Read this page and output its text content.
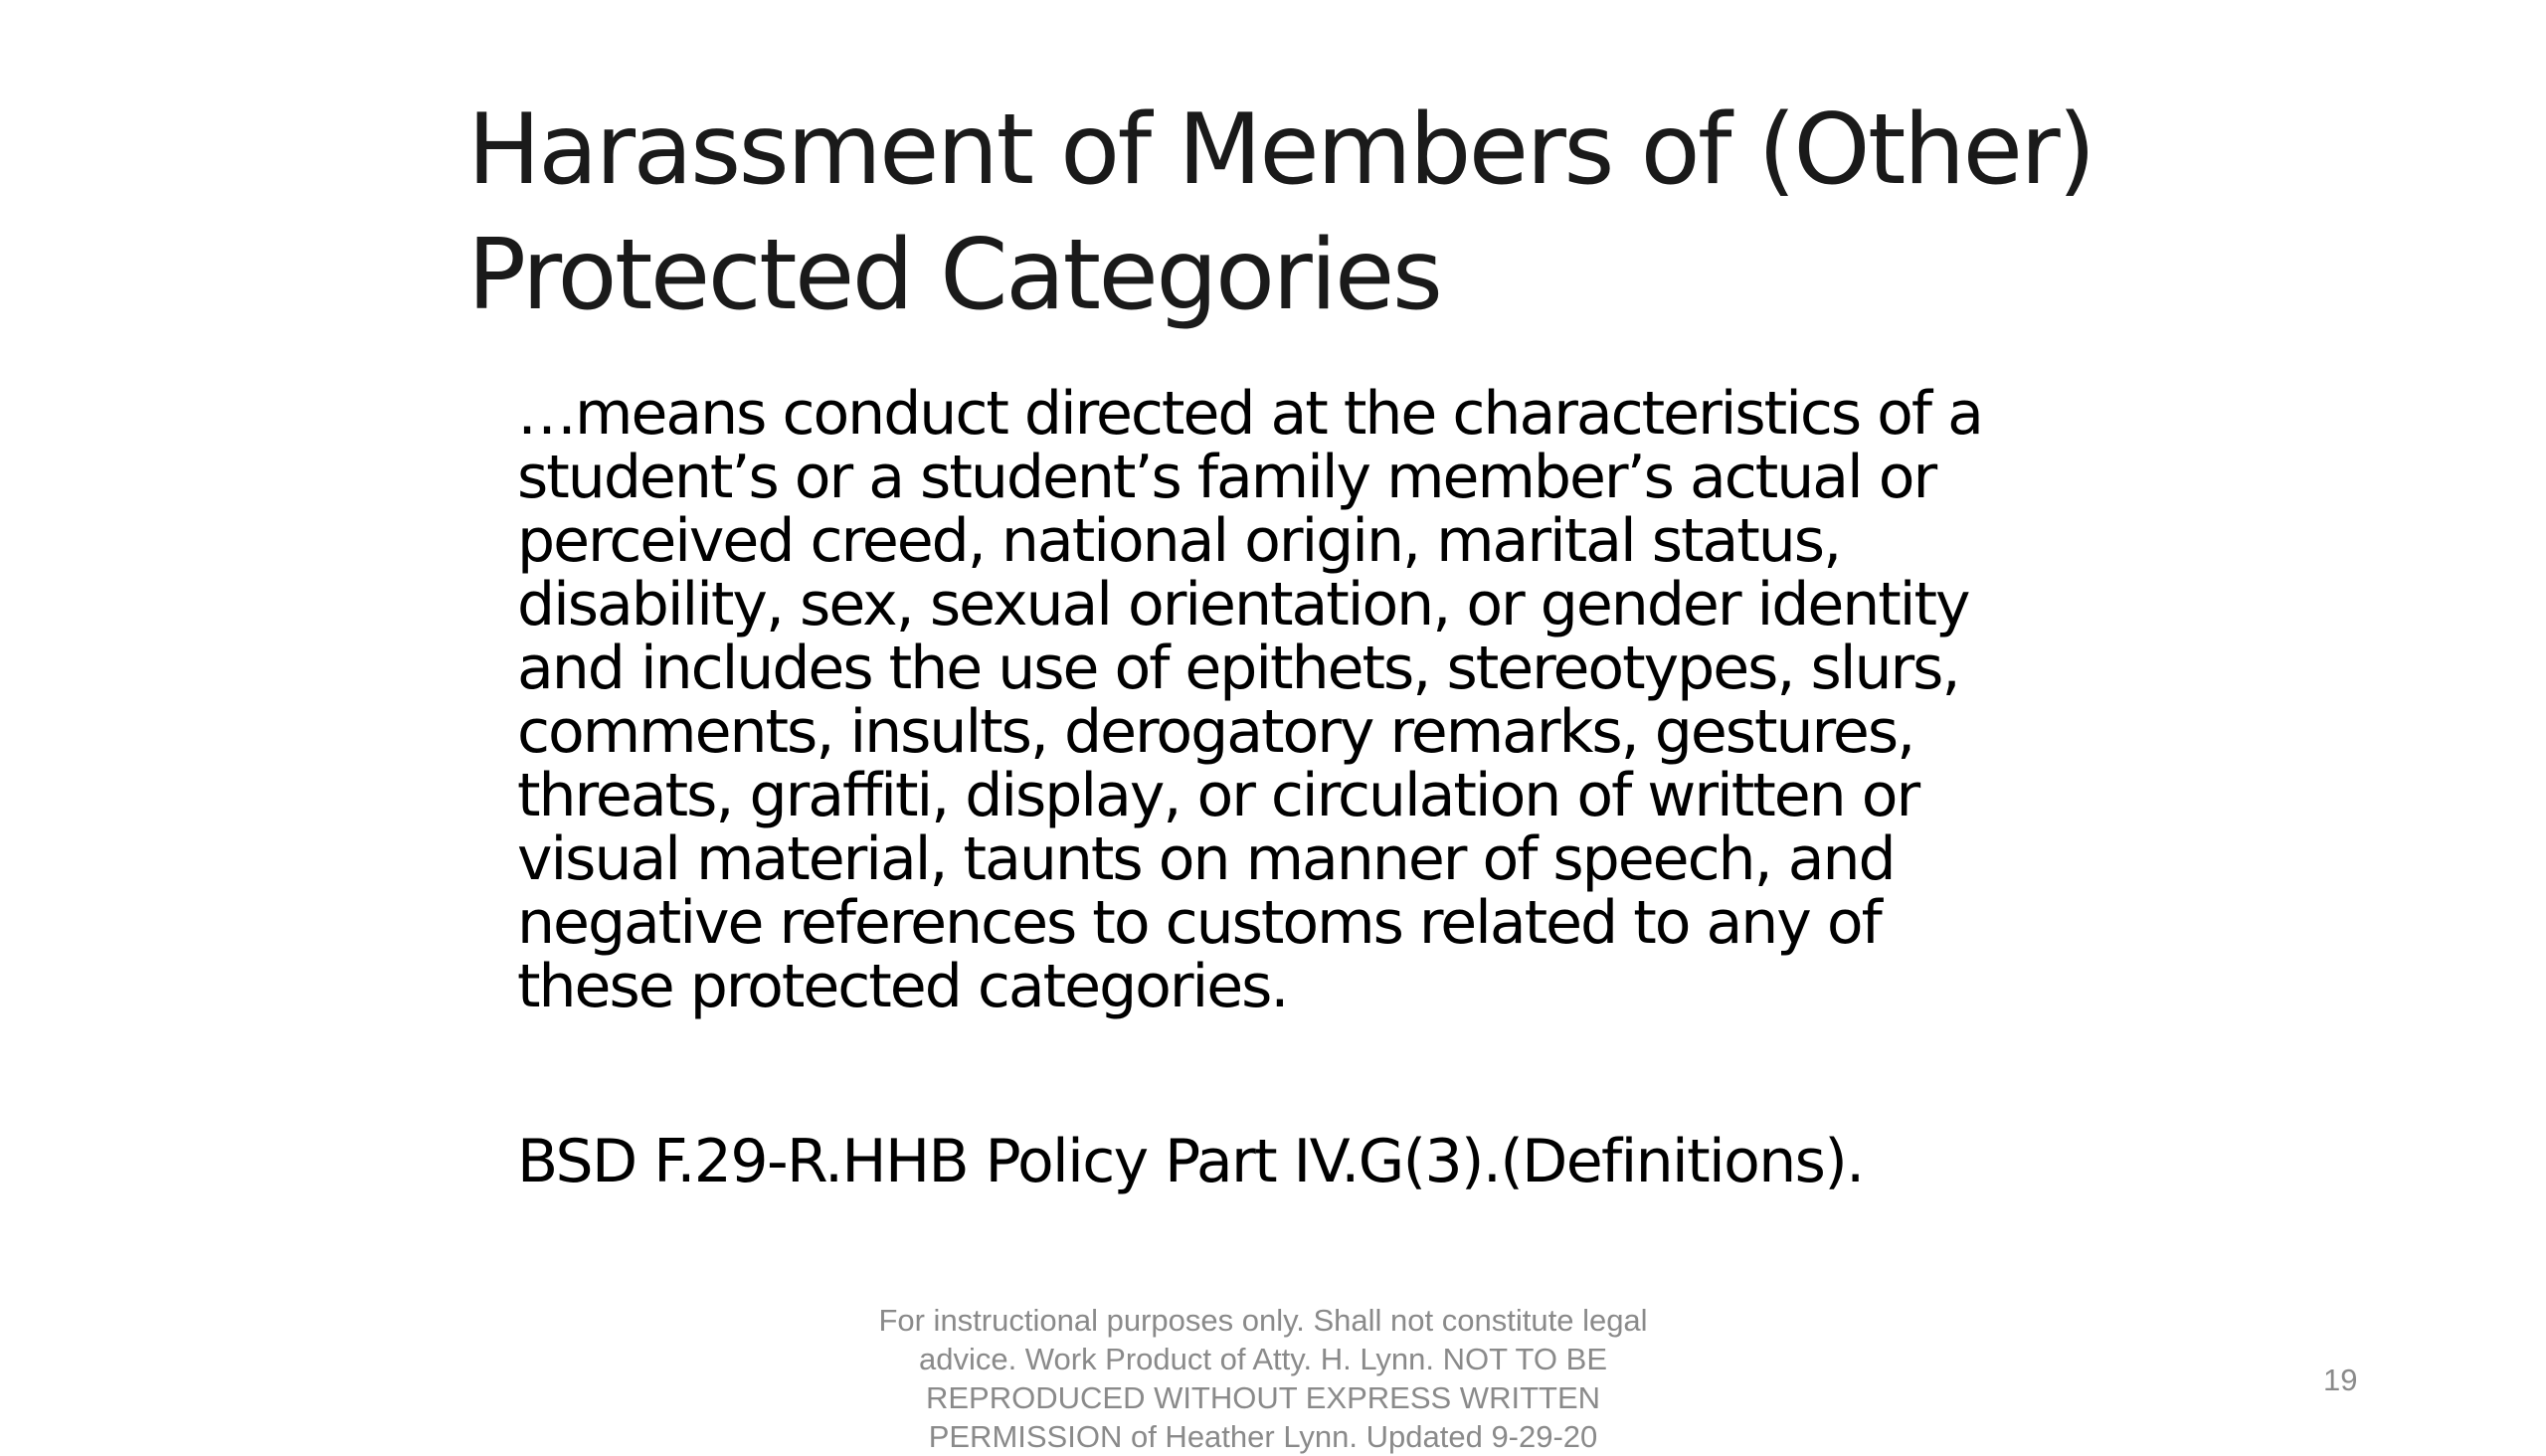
Harassment of Members of (Other)
Protected Categories
…means conduct directed at the characteristics of a
student’s or a student’s family member’s actual or
perceived creed, national origin, marital status,
disability, sex, sexual orientation, or gender identity
and includes the use of epithets, stereotypes, slurs,
comments, insults, derogatory remarks, gestures,
threats, graffiti, display, or circulation of written or
visual material, taunts on manner of speech, and
negative references to customs related to any of
these protected categories.

BSD F.29-R.HHB Policy Part IV.G(3).(Definitions).

For instructional purposes only. Shall not constitute legal
advice. Work Product of Atty. H. Lynn. NOT TO BE
REPRODUCED WITHOUT EXPRESS WRITTEN
PERMISSION of Heather Lynn. Updated 9-29-20
19
